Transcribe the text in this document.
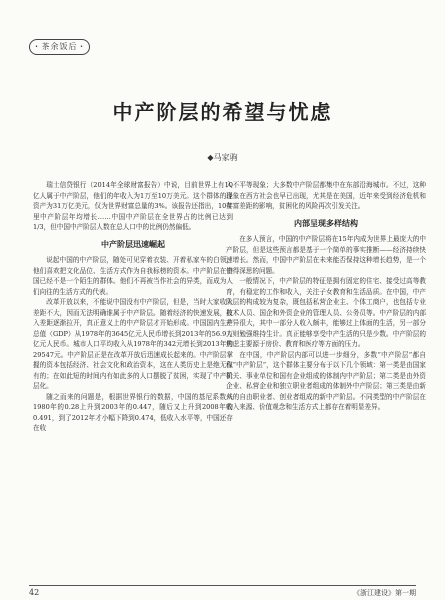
・茶余饭后・
中产阶层的希望与忧虑
◆马家驹

瑞士信贷银行（2014年全球财富报告）中说，目前世界上有10亿人属于中产阶层，他们的年收入为1万至10万美元。这个群体的净资产为31万亿美元，仅为世界财富总量的3%。该报告还指出，10年里中产阶层年均增长……中国中产阶层在全世界占的比例已达到1/3，但中国中产阶层人数在总人口中的比例仍然偏低。

中产阶层迅速崛起

说起中国的中产阶层，随处可见穿着衣装、开着私家车的白领，他们喜欢把文化品位、生活方式作为自我标榜的资本。中产阶层在中国已经不是一个陌生的群体。他们不再被当作社会的异类，而成为人们向往的生活方式的代表。

改革开放以来，不能说中国没有中产阶层，但是，当时大家收入差距不大，因而无法明确谁属于中产阶层。随着经济的快速发展，收入差距逐渐拉开，真正意义上的中产阶层才开始形成。中国国内生产总值（GDP）从1978年的3645亿元人民币增长到2013年的56.9万亿元人民币。城市人口平均收入从1978年的342元增长到2013年的29547元。中产阶层正是在改革开放后迅速成长起来的。中产阶层掌握的资本包括经济、社会文化和政治资本，这在人类历史上是绝无仅有的；在如此短的时间内有如此多的人口摆脱了贫困，实现了中产阶层化。

随之而来的问题是，根据世界银行的数据，中国的基尼系数从1980年的0.28上升到2003年的0.447，随后又上升到2008年的0.491，到了2012年才小幅下降到0.474，低收入水平等，中国还存在收

入不平等现象；大多数中产阶层都集中在东部沿海城市。不过，这种现象在西方社会也早已出现，尤其是在美国，近年来受到经济危机和贫富差距的影响，贫困化的风险再次引发关注。

内部呈现多样结构

在多人预言，中国的中产阶层将在15年内成为世界上最庞大的中产阶层，但是这些预言都是基于一个简单的事实推断——经济持续快速增长。然而，中国中产阶层在未来能否保持这种增长趋势，是一个值得深思的问题。

一般情况下，中产阶层的特征是拥有固定的住宅、接受过高等教育，有稳定的工作和收入，关注子女教育和生活品质。在中国，中产阶层的构成较为复杂，既包括私营企业主、个体工商户，也包括专业技术人员、国企和外资企业的管理人员、公务员等。中产阶层的内部差异很大，其中一部分人收入颇丰，能够过上体面的生活，另一部分人则勉强维持生计。真正能够享受中产生活的只是少数。中产阶层的焦虑主要源于房价、教育和医疗等方面的压力。

在中国，中产阶层内部可以进一步细分，多数“中产阶层”都自称“中产阶层”，这个群体主要分布于以下几个领域：第一类是由国家机关、事业单位和国有企业组成的体制内中产阶层；第二类是由外资企业、私营企业和独立职业者组成的体制外中产阶层；第三类是由新兴的自由职业者、创业者组成的新中产阶层。不同类型的中产阶层在收入来源、价值观念和生活方式上都存在着明显差异。

42	《浙江建设》第一期
